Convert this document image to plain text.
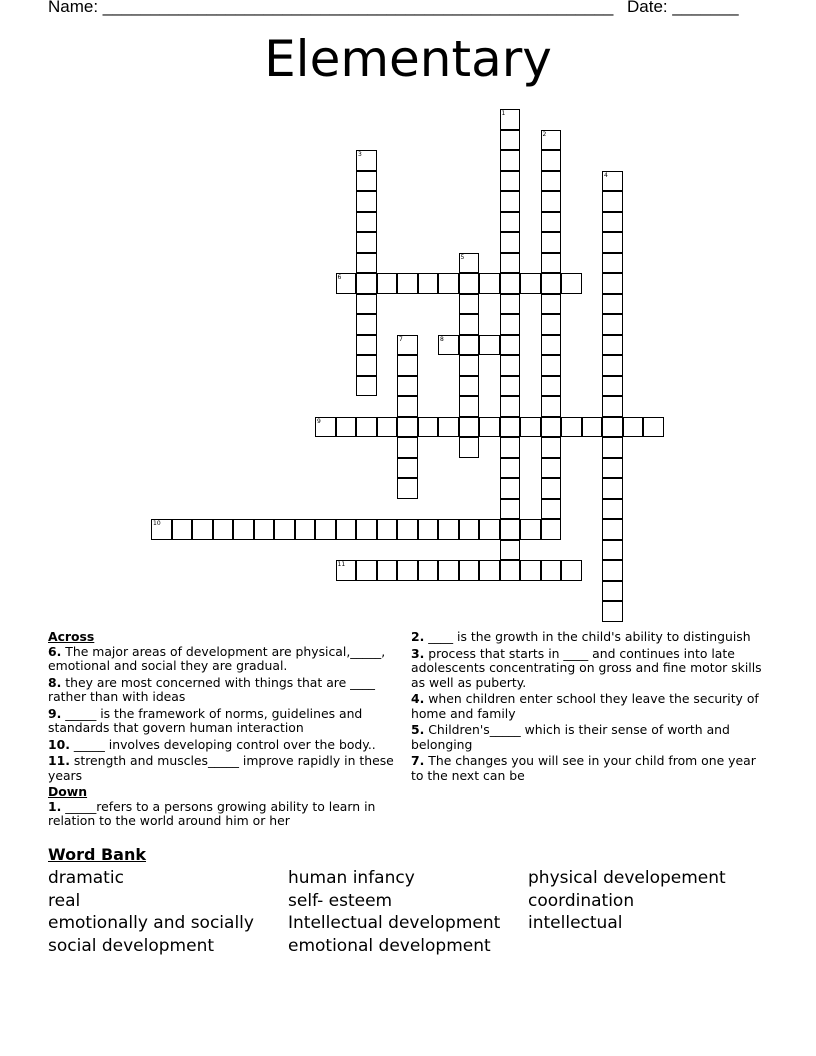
Name: ______________________________________________________ Date: _______
Elementary
1
2
3
4
5
6
7	8
9
10
11
Across
6. The major areas of development are physical,_____, emotional and social they are gradual.
8. they are most concerned with things that are ____ rather than with ideas
9. _____ is the framework of norms, guidelines and standards that govern human interaction
10. _____ involves developing control over the body..
11. strength and muscles_____ improve rapidly in these years
Down
1. _____refers to a persons growing ability to learn in relation to the world around him or her
2. ____ is the growth in the child's ability to distinguish
3. process that starts in ____ and continues into late adolescents concentrating on gross and fine motor skills as well as puberty.
4. when children enter school they leave the security of home and family
5. Children's_____ which is their sense of worth and belonging
7. The changes you will see in your child from one year to the next can be
Word Bank
dramatic
real
emotionally and socially
social development
human infancy
self- esteem
Intellectual development
emotional development
physical developement
coordination
intellectual
